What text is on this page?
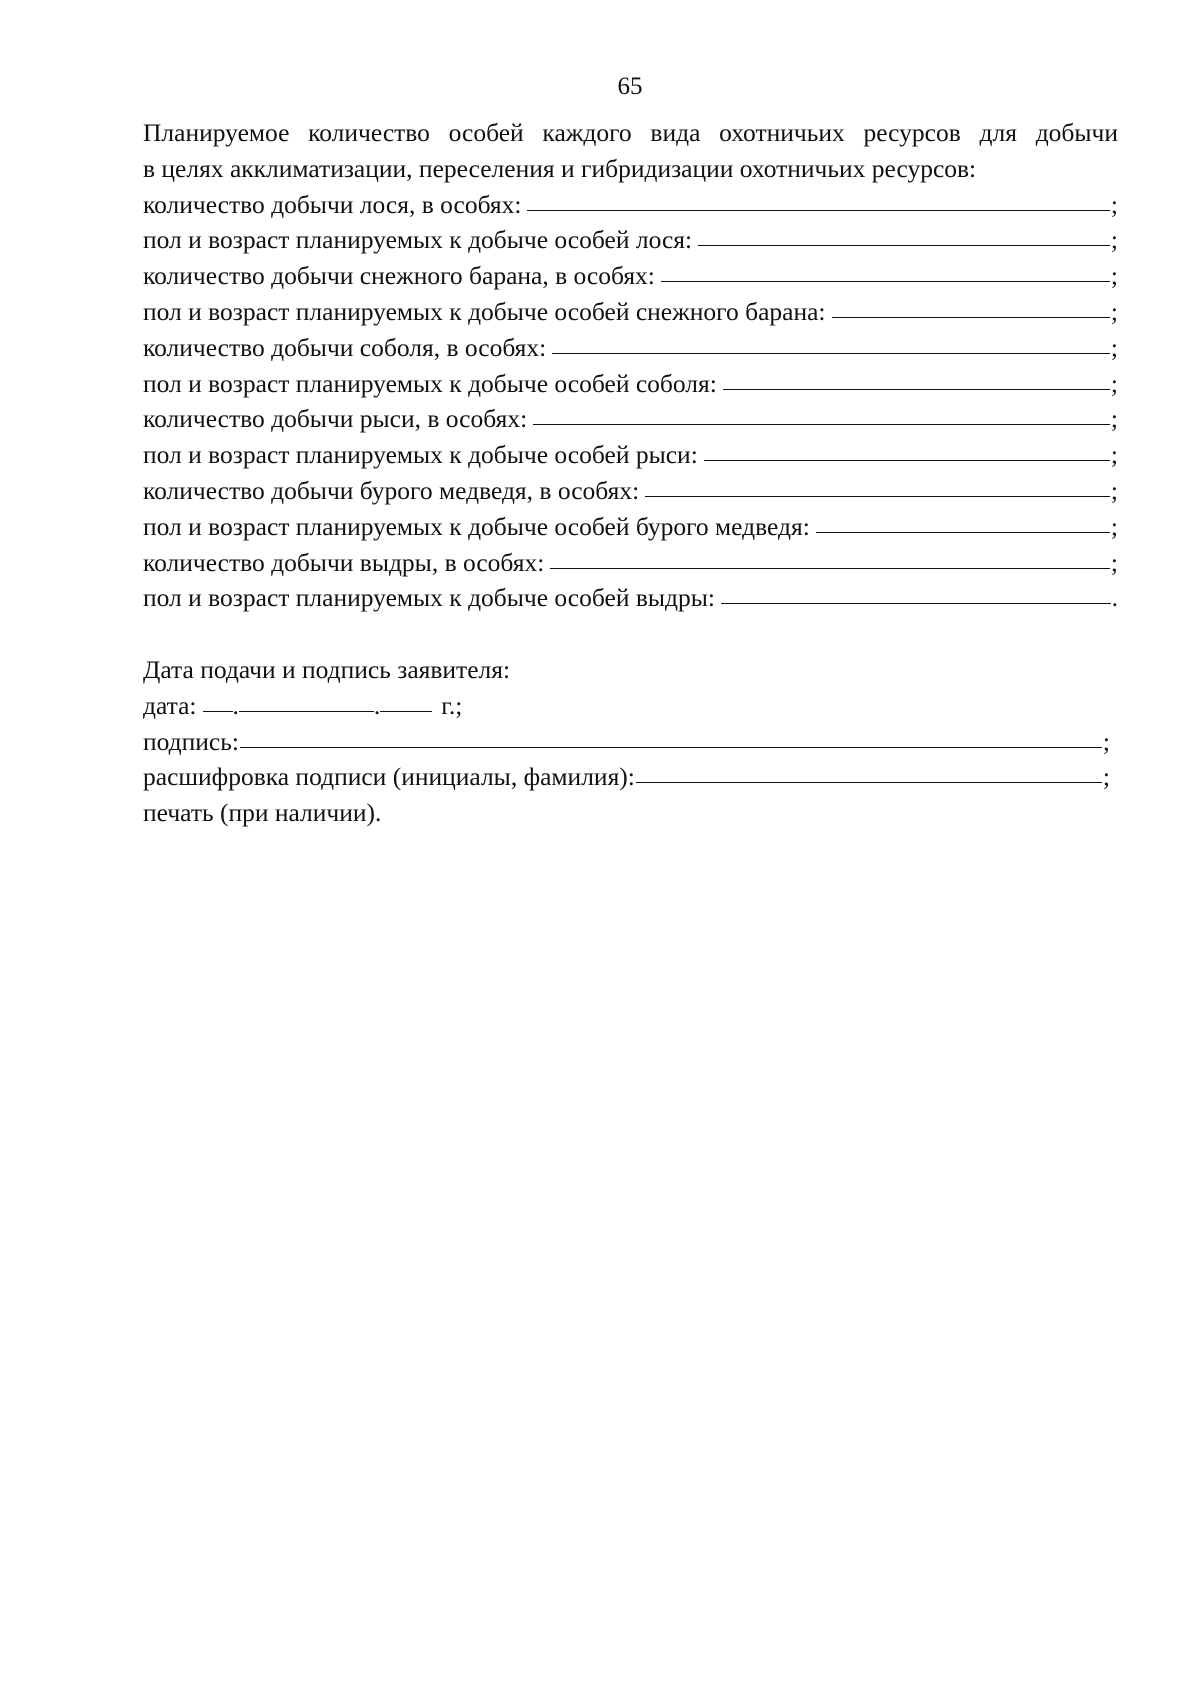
65
Планируемое количество особей каждого вида охотничьих ресурсов для добычи
в целях акклиматизации, переселения и гибридизации охотничьих ресурсов:
количество добычи лося, в особях:	;
пол и возраст планируемых к добыче особей лося:	;
количество добычи снежного барана, в особях:	;
пол и возраст планируемых к добыче особей снежного барана:	;
количество добычи соболя, в особях:	;
пол и возраст планируемых к добыче особей соболя:	;
количество добычи рыси, в особях:	;
пол и возраст планируемых к добыче особей рыси:	;
количество добычи бурого медведя, в особях:	;
пол и возраст планируемых к добыче особей бурого медведя:	;
количество добычи выдры, в особях:	;
пол и возраст планируемых к добыче особей выдры:	.
Дата подачи и подпись заявителя:
дата: .	. г.;
подпись:	;
расшифровка подписи (инициалы, фамилия):	;
печать (при наличии).
